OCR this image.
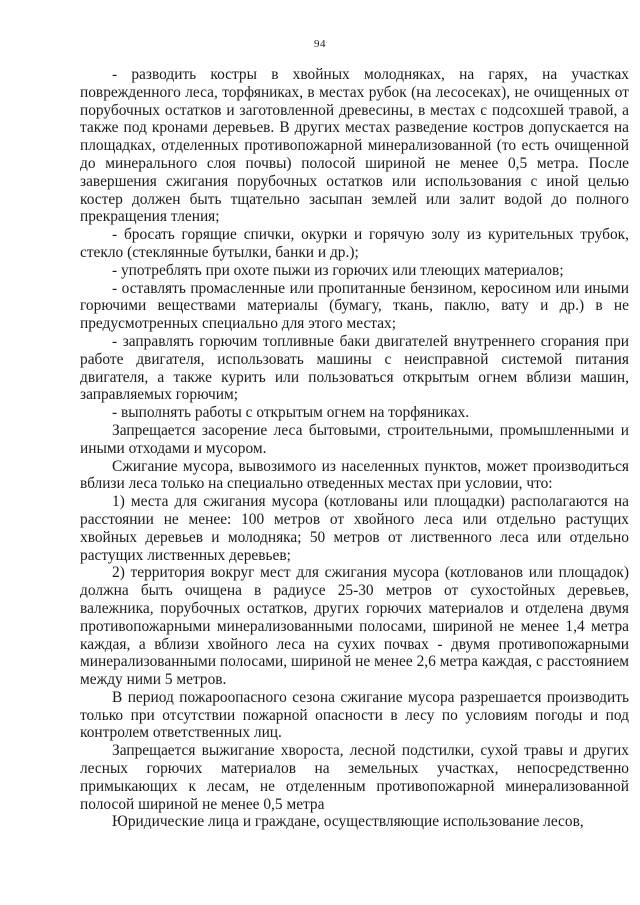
94

- разводить костры в хвойных молодняках, на гарях, на участках поврежденного леса, торфяниках, в местах рубок (на лесосеках), не очищенных от порубочных остатков и заготовленной древесины, в местах с подсохшей травой, а также под кронами деревьев. В других местах разведение костров допускается на площадках, отделенных противопожарной минерализованной (то есть очищенной до минерального слоя почвы) полосой шириной не менее 0,5 метра. После завершения сжигания порубочных остатков или использования с иной целью костер должен быть тщательно засыпан землей или залит водой до полного прекращения тления;

- бросать горящие спички, окурки и горячую золу из курительных трубок, стекло (стеклянные бутылки, банки и др.);

- употреблять при охоте пыжи из горючих или тлеющих материалов;

- оставлять промасленные или пропитанные бензином, керосином или иными горючими веществами материалы (бумагу, ткань, паклю, вату и др.) в не предусмотренных специально для этого местах;

- заправлять горючим топливные баки двигателей внутреннего сгорания при работе двигателя, использовать машины с неисправной системой питания двигателя, а также курить или пользоваться открытым огнем вблизи машин, заправляемых горючим;

- выполнять работы с открытым огнем на торфяниках.

Запрещается засорение леса бытовыми, строительными, промышленными и иными отходами и мусором.

Сжигание мусора, вывозимого из населенных пунктов, может производиться вблизи леса только на специально отведенных местах при условии, что:

1) места для сжигания мусора (котлованы или площадки) располагаются на расстоянии не менее: 100 метров от хвойного леса или отдельно растущих хвойных деревьев и молодняка; 50 метров от лиственного леса или отдельно растущих лиственных деревьев;

2) территория вокруг мест для сжигания мусора (котлованов или площадок) должна быть очищена в радиусе 25-30 метров от сухостойных деревьев, валежника, порубочных остатков, других горючих материалов и отделена двумя противопожарными минерализованными полосами, шириной не менее 1,4 метра каждая, а вблизи хвойного леса на сухих почвах - двумя противопожарными минерализованными полосами, шириной не менее 2,6 метра каждая, с расстоянием между ними 5 метров.

В период пожароопасного сезона сжигание мусора разрешается производить только при отсутствии пожарной опасности в лесу по условиям погоды и под контролем ответственных лиц.

Запрещается выжигание хвороста, лесной подстилки, сухой травы и других лесных горючих материалов на земельных участках, непосредственно примыкающих к лесам, не отделенным противопожарной минерализованной полосой шириной не менее 0,5 метра

Юридические лица и граждане, осуществляющие использование лесов,
